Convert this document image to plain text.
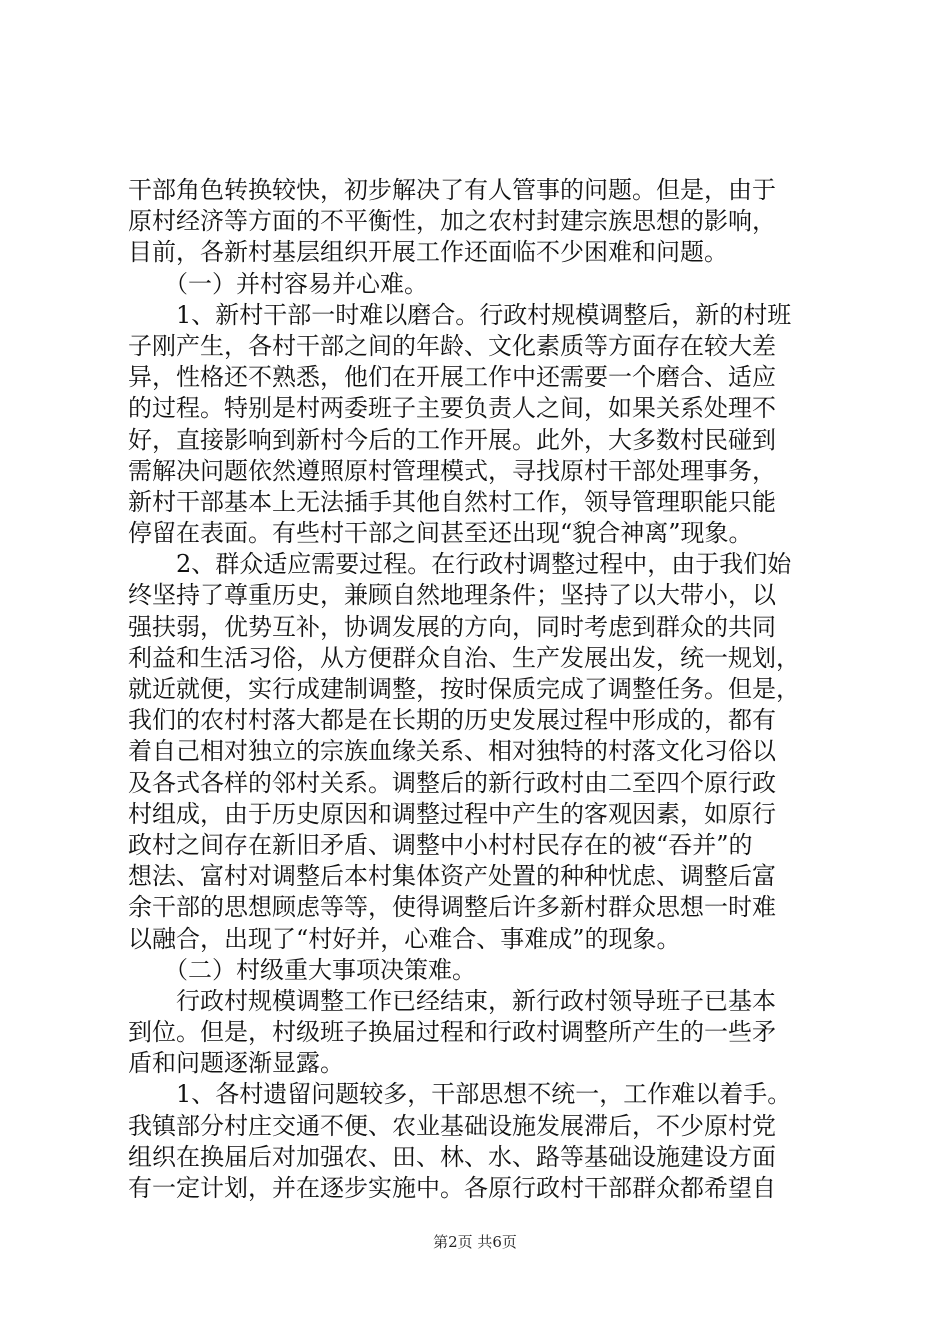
干部角色转换较快，初步解决了有人管事的问题。但是，由于
原村经济等方面的不平衡性，加之农村封建宗族思想的影响，
目前，各新村基层组织开展工作还面临不少困难和问题。
　　（一）并村容易并心难。
　　1、新村干部一时难以磨合。行政村规模调整后，新的村班
子刚产生，各村干部之间的年龄、文化素质等方面存在较大差
异，性格还不熟悉，他们在开展工作中还需要一个磨合、适应
的过程。特别是村两委班子主要负责人之间，如果关系处理不
好，直接影响到新村今后的工作开展。此外，大多数村民碰到
需解决问题依然遵照原村管理模式，寻找原村干部处理事务，
新村干部基本上无法插手其他自然村工作，领导管理职能只能
停留在表面。有些村干部之间甚至还出现“貌合神离”现象。
　　2、群众适应需要过程。在行政村调整过程中，由于我们始
终坚持了尊重历史，兼顾自然地理条件；坚持了以大带小，以
强扶弱，优势互补，协调发展的方向，同时考虑到群众的共同
利益和生活习俗，从方便群众自治、生产发展出发，统一规划，
就近就便，实行成建制调整，按时保质完成了调整任务。但是，
我们的农村村落大都是在长期的历史发展过程中形成的，都有
着自己相对独立的宗族血缘关系、相对独特的村落文化习俗以
及各式各样的邻村关系。调整后的新行政村由二至四个原行政
村组成，由于历史原因和调整过程中产生的客观因素，如原行
政村之间存在新旧矛盾、调整中小村村民存在的被“吞并”的
想法、富村对调整后本村集体资产处置的种种忧虑、调整后富
余干部的思想顾虑等等，使得调整后许多新村群众思想一时难
以融合，出现了“村好并，心难合、事难成”的现象。
　　（二）村级重大事项决策难。
　　行政村规模调整工作已经结束，新行政村领导班子已基本
到位。但是，村级班子换届过程和行政村调整所产生的一些矛
盾和问题逐渐显露。
　　1、各村遗留问题较多，干部思想不统一，工作难以着手。
我镇部分村庄交通不便、农业基础设施发展滞后，不少原村党
组织在换届后对加强农、田、林、水、路等基础设施建设方面
有一定计划，并在逐步实施中。各原行政村干部群众都希望自
第2页 共6页
